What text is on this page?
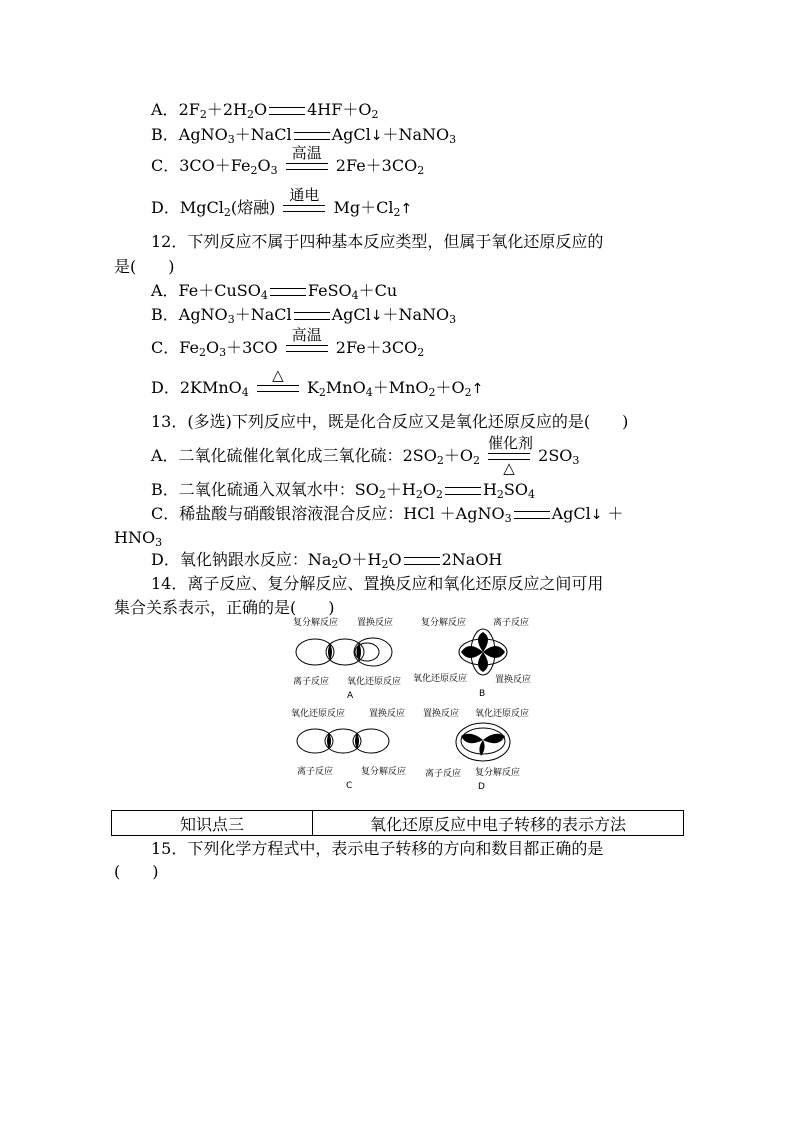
A．$2F_2+2H_2O$	$4HF+O_2$
B．AgNO$_3$＋NaCl	AgCl↓＋NaNO$_3$
C．$3CO+Fe_2O_3$
高温
$2Fe+3CO_2$
D．MgCl$_2$(熔融)
通电
$Mg+Cl_2↑$
12．下列反应不属于四种基本反应类型，但属于氧化还原反应的
是(　　)
A．Fe＋CuSO$_4$	FeSO$_4$＋Cu
B．AgNO$_3$＋NaCl	AgCl↓＋NaNO$_3$
C．$Fe_2O_3+3CO$
高温
$2Fe+3CO_2$
D．2KMnO$_4$
△
$K_2MnO_4+MnO_2+O_2↑$
13．(多选)下列反应中，既是化合反应又是氧化还原反应的是(　　)
A．二氧化硫催化氧化成三氧化硫：$2SO_2+O_2$
催化剂
△
$2SO_3$
B．二氧化硫通入双氧水中：$SO_2+H_2O_2$	$H_2SO_4$
C．稀盐酸与硝酸银溶液混合反应：HCl ＋AgNO$_3$	AgCl↓ ＋
$HNO_3$
D．氧化钠跟水反应：$Na_2O+H_2O$	2NaOH
14．离子反应、复分解反应、置换反应和氧化还原反应之间可用
集合关系表示，正确的是(　　)
复分解反应 置换反应
离子反应 氧化还原反应
A
复分解反应	离子反应
氧化还原反应	置换反应
B
氧化还原反应	置换反应
离子反应	复分解反应
C
置换反应 氧化还原反应
离子反应 复分解反应
D
知识点三	氧化还原反应中电子转移的表示方法
15．下列化学方程式中，表示电子转移的方向和数目都正确的是
(　　)
